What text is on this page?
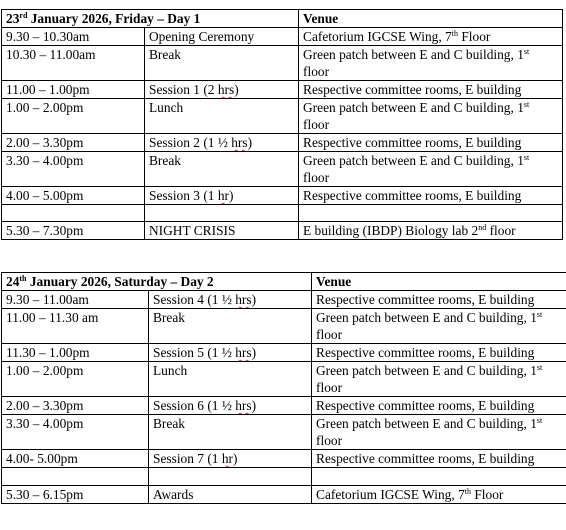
23rd January 2026, Friday – Day 1		Venue
9.30 – 10.30am	Opening Ceremony	Cafetorium IGCSE Wing, 7th Floor
10.30 – 11.00am	Break	Green patch between E and C building, 1st floor
11.00 – 1.00pm	Session 1 (2 hrs)	Respective committee rooms, E building
1.00 – 2.00pm	Lunch	Green patch between E and C building, 1st floor
2.00 – 3.30pm	Session 2 (1 ½ hrs)	Respective committee rooms, E building
3.30 – 4.00pm	Break	Green patch between E and C building, 1st floor
4.00 – 5.00pm	Session 3 (1 hr)	Respective committee rooms, E building

5.30 – 7.30pm	NIGHT CRISIS	E building (IBDP) Biology lab 2nd floor
24th January 2026, Saturday – Day 2		Venue
9.30 – 11.00am	Session 4 (1 ½ hrs)	Respective committee rooms, E building
11.00 – 11.30 am	Break	Green patch between E and C building, 1st floor
11.30 – 1.00pm	Session 5 (1 ½ hrs)	Respective committee rooms, E building
1.00 – 2.00pm	Lunch	Green patch between E and C building, 1st floor
2.00 – 3.30pm	Session 6 (1 ½ hrs)	Respective committee rooms, E building
3.30 – 4.00pm	Break	Green patch between E and C building, 1st floor
4.00- 5.00pm	Session 7 (1 hr)	Respective committee rooms, E building

5.30 – 6.15pm	Awards	Cafetorium IGCSE Wing, 7th Floor
